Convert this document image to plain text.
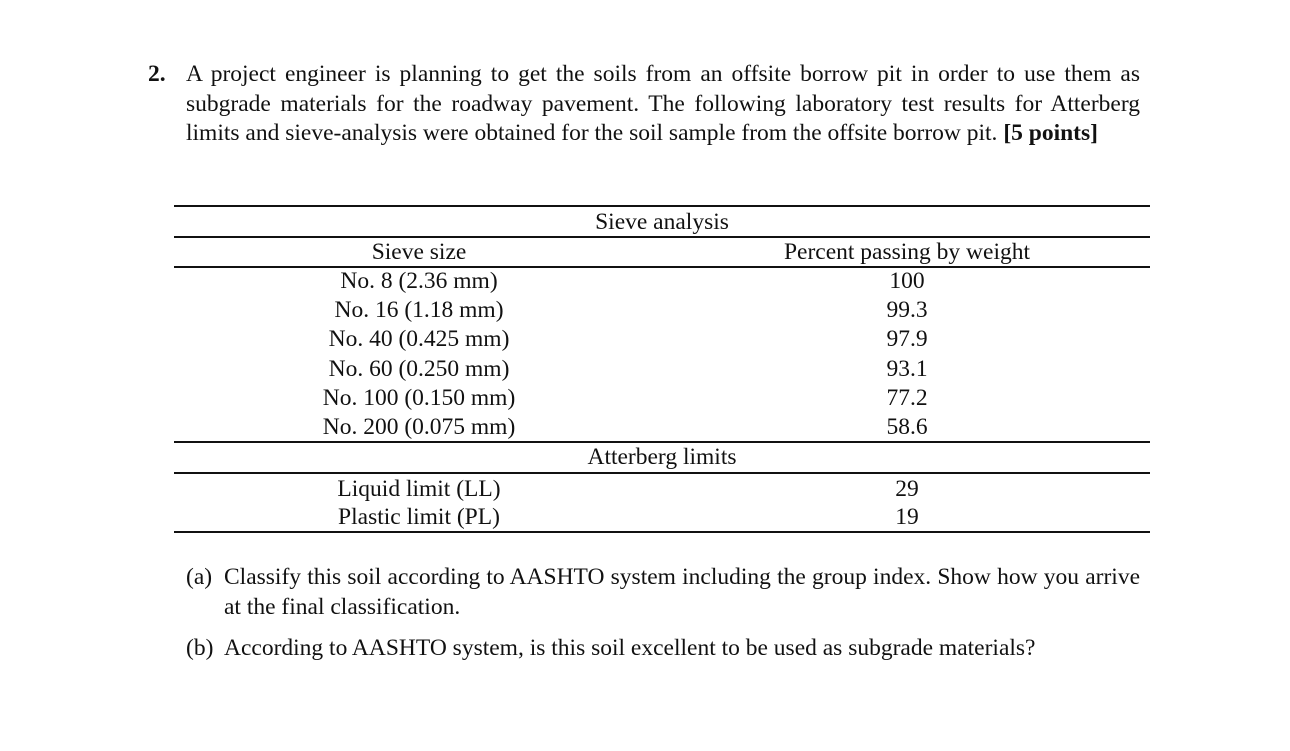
2. A project engineer is planning to get the soils from an offsite borrow pit in order to use them as subgrade materials for the roadway pavement. The following laboratory test results for Atterberg limits and sieve-analysis were obtained for the soil sample from the offsite borrow pit. [5 points]
Sieve analysis
Sieve size	Percent passing by weight
No. 8 (2.36 mm)	100
No. 16 (1.18 mm)	99.3
No. 40 (0.425 mm)	97.9
No. 60 (0.250 mm)	93.1
No. 100 (0.150 mm)	77.2
No. 200 (0.075 mm)	58.6
Atterberg limits
Liquid limit (LL)	29
Plastic limit (PL)	19
(a) Classify this soil according to AASHTO system including the group index. Show how you arrive at the final classification.
(b) According to AASHTO system, is this soil excellent to be used as subgrade materials?
